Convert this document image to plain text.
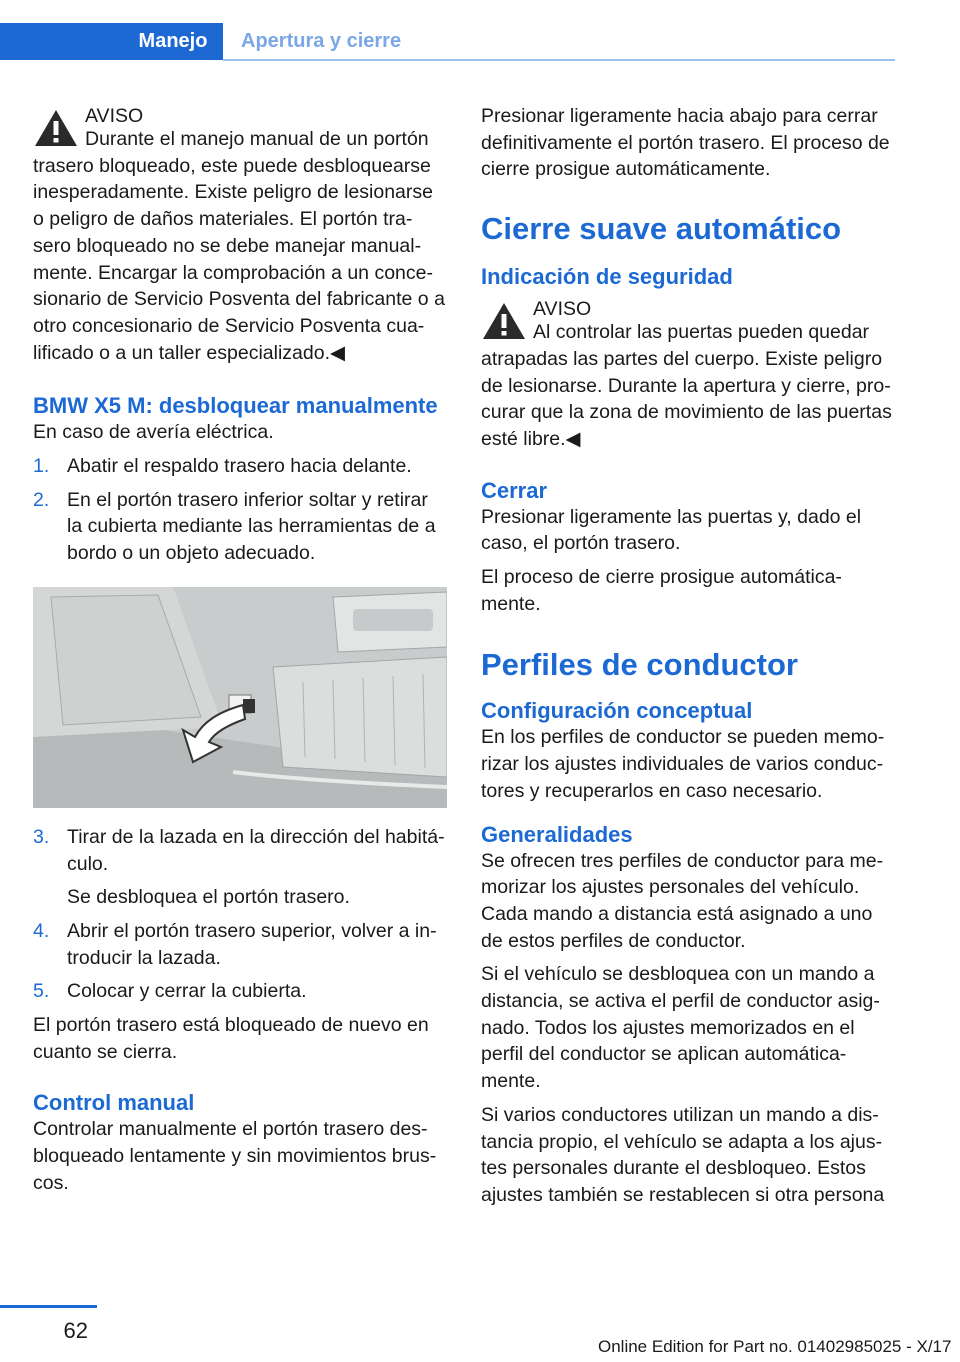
Manejo	Apertura y cierre

AVISO

Durante el manejo manual de un portón trasero bloqueado, este puede desbloquearse inesperadamente. Existe peligro de lesionarse o peligro de daños materiales. El portón tra-sero bloqueado no se debe manejar manual-mente. Encargar la comprobación a un conce-sionario de Servicio Posventa del fabricante o a otro concesionario de Servicio Posventa cua-lificado o a un taller especializado.◀

BMW X5 M: desbloquear manualmente

En caso de avería eléctrica.

1. Abatir el respaldo trasero hacia delante.
2. En el portón trasero inferior soltar y retirar la cubierta mediante las herramientas de a bordo o un objeto adecuado.
3. Tirar de la lazada en la dirección del habitá-culo.
Se desbloquea el portón trasero.
4. Abrir el portón trasero superior, volver a in-troducir la lazada.
5. Colocar y cerrar la cubierta.

El portón trasero está bloqueado de nuevo en cuanto se cierra.

Control manual

Controlar manualmente el portón trasero des-bloqueado lentamente y sin movimientos brus-cos.

Presionar ligeramente hacia abajo para cerrar definitivamente el portón trasero. El proceso de cierre prosigue automáticamente.

Cierre suave automático
Indicación de seguridad

AVISO

Al controlar las puertas pueden quedar atrapadas las partes del cuerpo. Existe peligro de lesionarse. Durante la apertura y cierre, pro-curar que la zona de movimiento de las puertas esté libre.◀

Cerrar

Presionar ligeramente las puertas y, dado el caso, el portón trasero.

El proceso de cierre prosigue automática-mente.

Perfiles de conductor
Configuración conceptual

En los perfiles de conductor se pueden memo-rizar los ajustes individuales de varios conduc-tores y recuperarlos en caso necesario.

Generalidades

Se ofrecen tres perfiles de conductor para me-morizar los ajustes personales del vehículo. Cada mando a distancia está asignado a uno de estos perfiles de conductor.

Si el vehículo se desbloquea con un mando a distancia, se activa el perfil de conductor asig-nado. Todos los ajustes memorizados en el perfil del conductor se aplican automática-mente.

Si varios conductores utilizan un mando a dis-tancia propio, el vehículo se adapta a los ajus-tes personales durante el desbloqueo. Estos ajustes también se restablecen si otra persona

62
Online Edition for Part no. 01402985025 - X/17
